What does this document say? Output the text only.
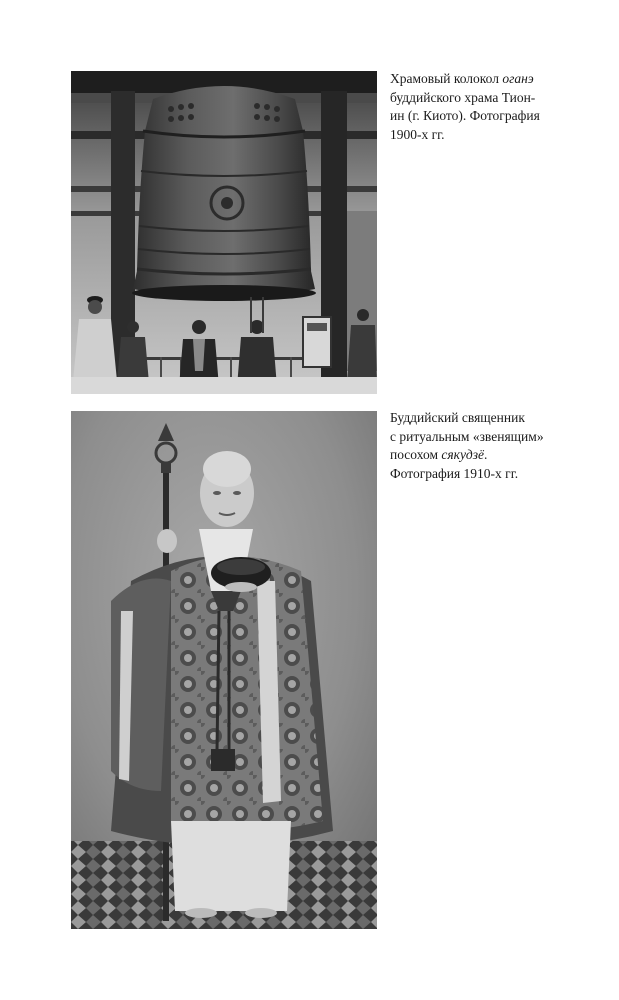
Храмовый колокол оганэ
буддийского храма Тион-
ин (г. Киото). Фотография
1900-х гг.
Буддийский священник
с ритуальным «звенящим»
посохом сякудзё.
Фотография 1910-х гг.
